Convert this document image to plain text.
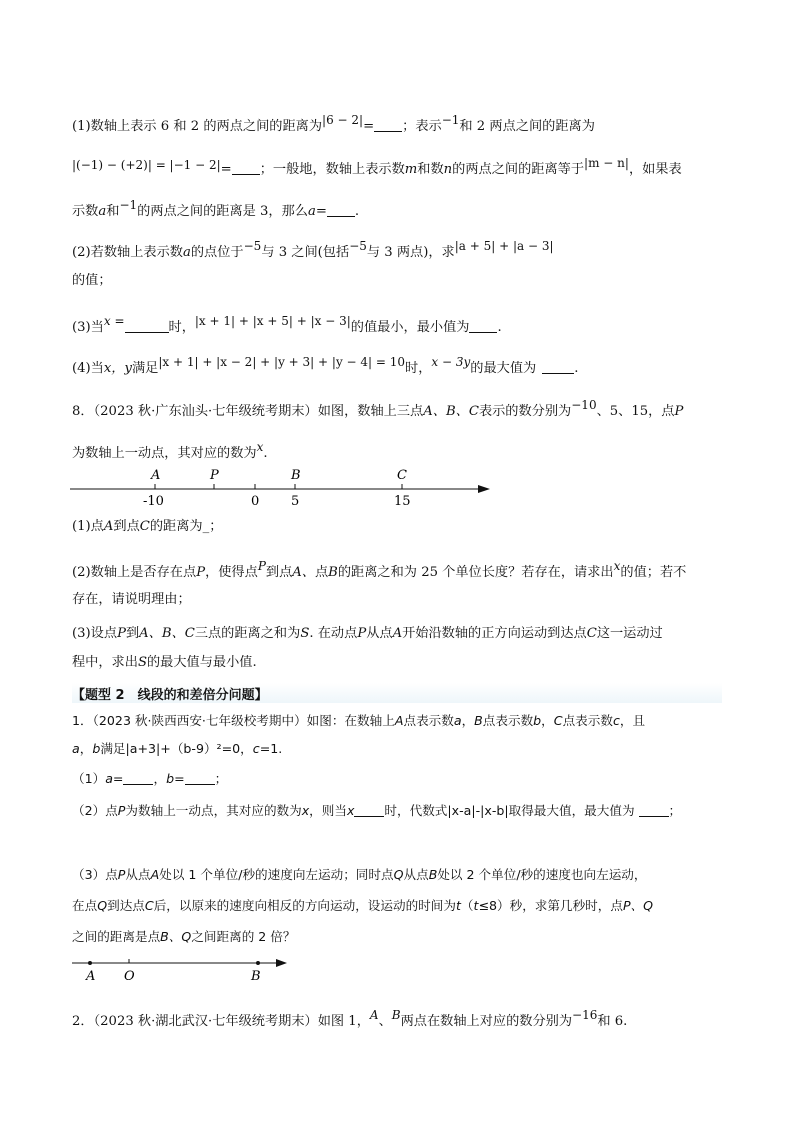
(1)数轴上表示 6 和 2 的两点之间的距离为|6 − 2|= ；表示−1和 2 两点之间的距离为
|(−1) − (+2)| = |−1 − 2|= ；一般地，数轴上表示数m和数n的两点之间的距离等于|m − n|，如果表
示数a和−1的两点之间的距离是 3，那么a= .
(2)若数轴上表示数a的点位于−5与 3 之间(包括−5与 3 两点)，求|a + 5| + |a − 3|
的值；
(3)当x =	时，|x + 1| + |x + 5| + |x − 3|的值最小，最小值为 .
(4)当x，y满足|x + 1| + |x − 2| + |y + 3| + |y − 4| = 10时，x − 3y的最大值为	.
8．（2023 秋·广东汕头·七年级统考期末）如图，数轴上三点A、B、C表示的数分别为−10、5、15，点P
为数轴上一动点，其对应的数为x.
A	P	B	C
-10	0 5	15
(1)点A到点C的距离为_；
(2)数轴上是否存在点P，使得点P到点A、点B的距离之和为 25 个单位长度？若存在，请求出x的值；若不
存在，请说明理由；
(3)设点P到A、B、C三点的距离之和为S. 在动点P从点A开始沿数轴的正方向运动到达点C这一运动过
程中，求出S的最大值与最小值.
【题型 2　线段的和差倍分问题】
1．（2023 秋·陕西西安·七年级校考期中）如图：在数轴上A点表示数a，B点表示数b，C点表示数c，且
a，b满足|a+3|+（b-9）²=0，c=1.
（1）a= ，b= ；
（2）点P为数轴上一动点，其对应的数为x，则当x 时，代数式|x-a|-|x-b|取得最大值，最大值为	；
（3）点P从点A处以 1 个单位/秒的速度向左运动；同时点Q从点B处以 2 个单位/秒的速度也向左运动，
在点Q到达点C后，以原来的速度向相反的方向运动，设运动的时间为t（t≤8）秒，求第几秒时，点P、Q
之间的距离是点B、Q之间距离的 2 倍？
A O	B
2．（2023 秋·湖北武汉·七年级统考期末）如图 1，A、B两点在数轴上对应的数分别为−16和 6.
